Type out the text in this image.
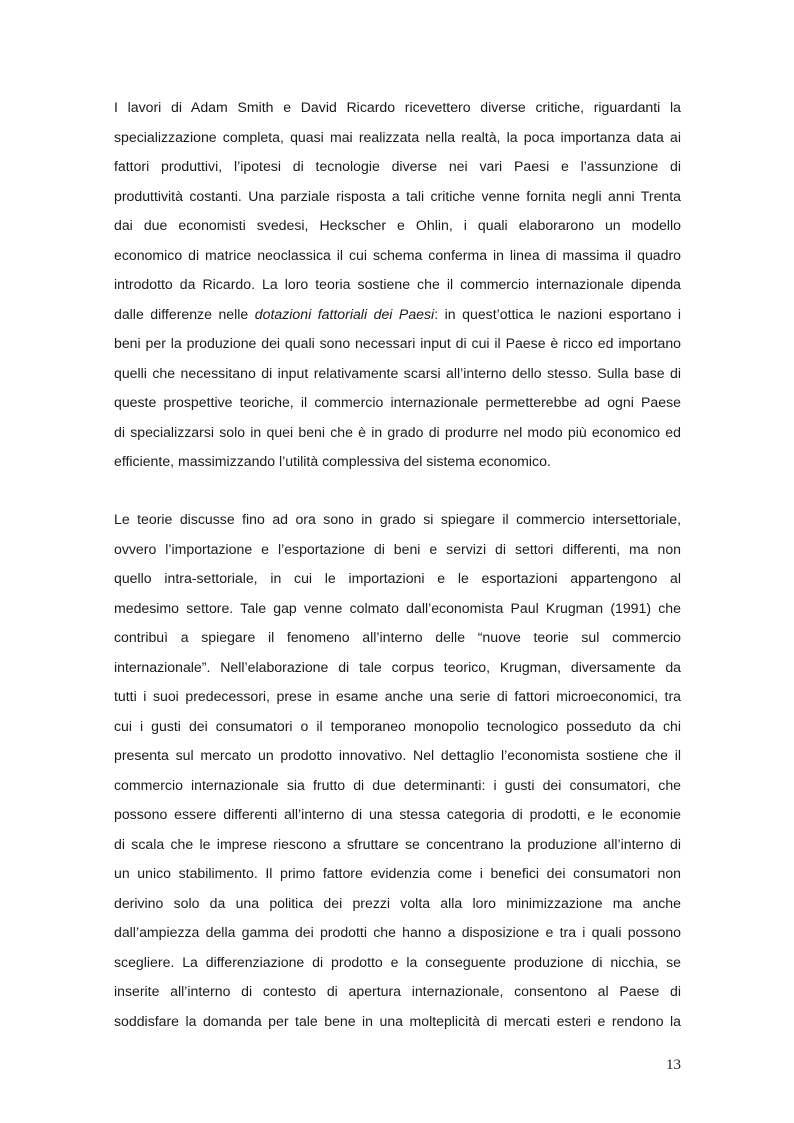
I lavori di Adam Smith e David Ricardo ricevettero diverse critiche, riguardanti la
specializzazione completa, quasi mai realizzata nella realtà, la poca importanza data ai
fattori produttivi, l’ipotesi di tecnologie diverse nei vari Paesi e l’assunzione di
produttività costanti. Una parziale risposta a tali critiche venne fornita negli anni Trenta
dai due economisti svedesi, Heckscher e Ohlin, i quali elaborarono un modello
economico di matrice neoclassica il cui schema conferma in linea di massima il quadro
introdotto da Ricardo. La loro teoria sostiene che il commercio internazionale dipenda
dalle differenze nelle dotazioni fattoriali dei Paesi: in quest’ottica le nazioni esportano i
beni per la produzione dei quali sono necessari input di cui il Paese è ricco ed importano
quelli che necessitano di input relativamente scarsi all’interno dello stesso. Sulla base di
queste prospettive teoriche, il commercio internazionale permetterebbe ad ogni Paese
di specializzarsi solo in quei beni che è in grado di produrre nel modo più economico ed
efficiente, massimizzando l’utilità complessiva del sistema economico.
Le teorie discusse fino ad ora sono in grado si spiegare il commercio intersettoriale,
ovvero l’importazione e l’esportazione di beni e servizi di settori differenti, ma non
quello intra-settoriale, in cui le importazioni e le esportazioni appartengono al
medesimo settore. Tale gap venne colmato dall’economista Paul Krugman (1991) che
contribuì a spiegare il fenomeno all’interno delle “nuove teorie sul commercio
internazionale”. Nell’elaborazione di tale corpus teorico, Krugman, diversamente da
tutti i suoi predecessori, prese in esame anche una serie di fattori microeconomici, tra
cui i gusti dei consumatori o il temporaneo monopolio tecnologico posseduto da chi
presenta sul mercato un prodotto innovativo. Nel dettaglio l’economista sostiene che il
commercio internazionale sia frutto di due determinanti: i gusti dei consumatori, che
possono essere differenti all’interno di una stessa categoria di prodotti, e le economie
di scala che le imprese riescono a sfruttare se concentrano la produzione all’interno di
un unico stabilimento. Il primo fattore evidenzia come i benefici dei consumatori non
derivino solo da una politica dei prezzi volta alla loro minimizzazione ma anche
dall’ampiezza della gamma dei prodotti che hanno a disposizione e tra i quali possono
scegliere. La differenziazione di prodotto e la conseguente produzione di nicchia, se
inserite all’interno di contesto di apertura internazionale, consentono al Paese di
soddisfare la domanda per tale bene in una molteplicità di mercati esteri e rendono la
13
